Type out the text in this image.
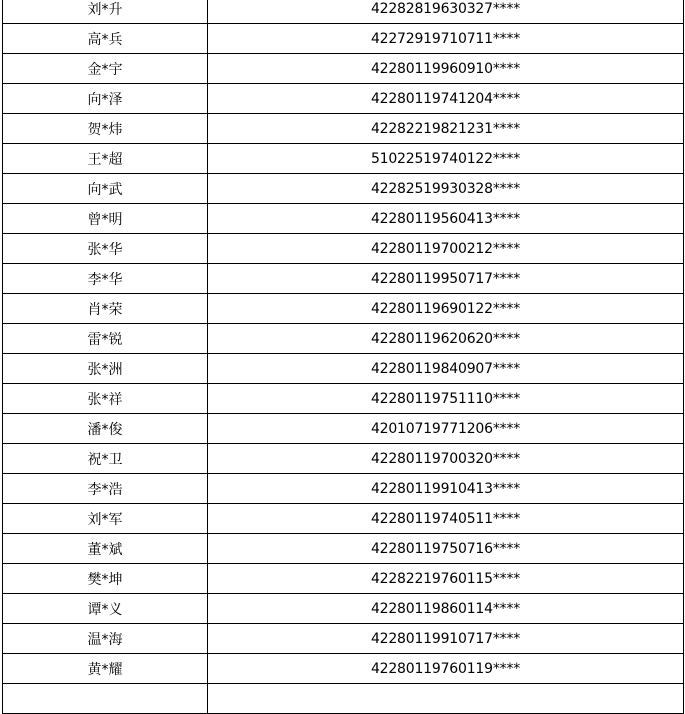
刘*升	42282819630327****
高*兵	42272919710711****
金*宇	42280119960910****
向*泽	42280119741204****
贺*炜	42282219821231****
王*超	51022519740122****
向*武	42282519930328****
曾*明	42280119560413****
张*华	42280119700212****
李*华	42280119950717****
肖*荣	42280119690122****
雷*锐	42280119620620****
张*洲	42280119840907****
张*祥	42280119751110****
潘*俊	42010719771206****
祝*卫	42280119700320****
李*浩	42280119910413****
刘*军	42280119740511****
董*斌	42280119750716****
樊*坤	42282219760115****
谭*义	42280119860114****
温*海	42280119910717****
黄*耀	42280119760119****
